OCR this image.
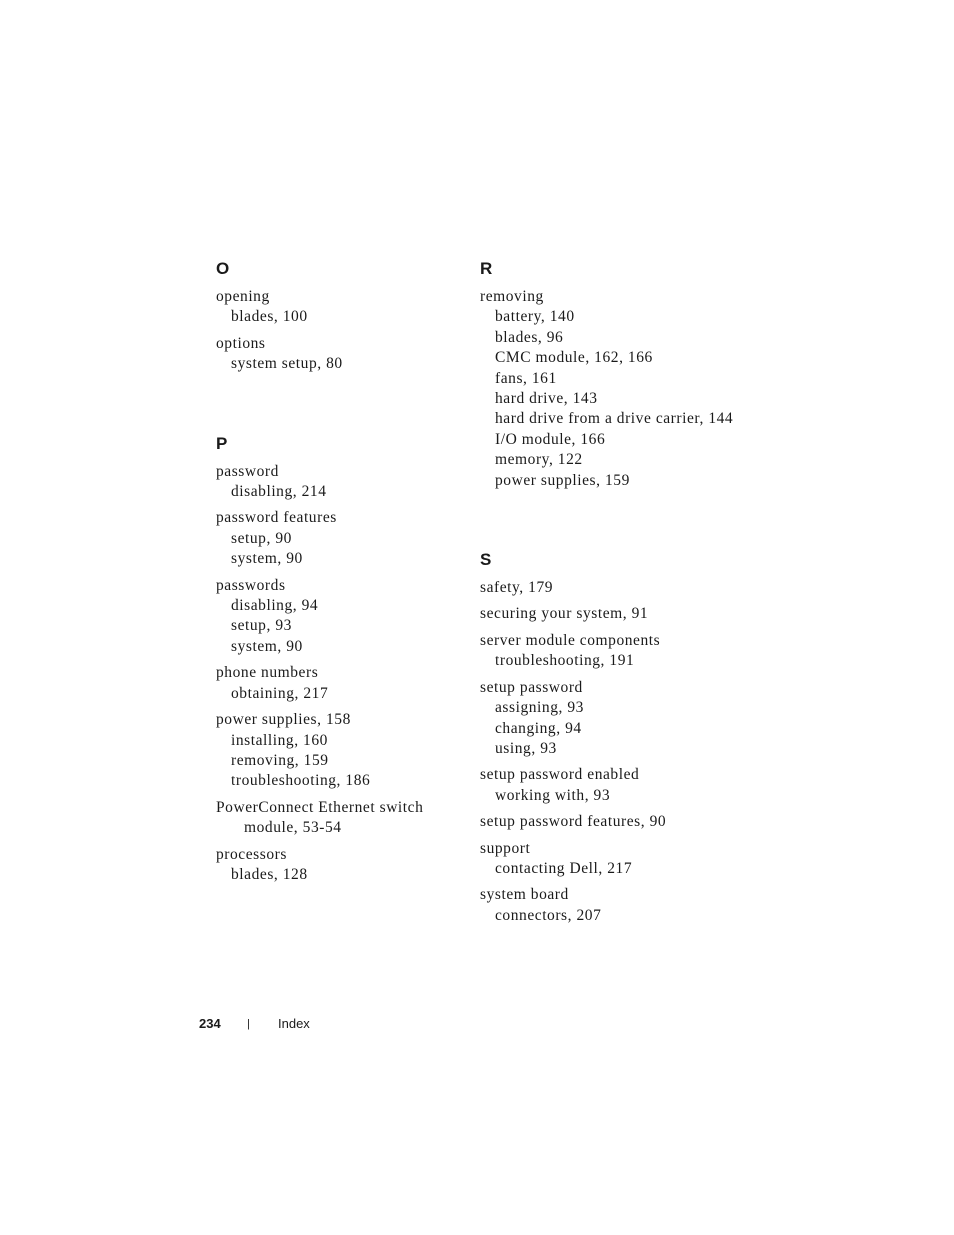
O
opening
blades, 100
options
system setup, 80
P
password
disabling, 214
password features
setup, 90
system, 90
passwords
disabling, 94
setup, 93
system, 90
phone numbers
obtaining, 217
power supplies, 158
installing, 160
removing, 159
troubleshooting, 186
PowerConnect Ethernet switch module, 53-54
processors
blades, 128
R
removing
battery, 140
blades, 96
CMC module, 162, 166
fans, 161
hard drive, 143
hard drive from a drive carrier, 144
I/O module, 166
memory, 122
power supplies, 159
S
safety, 179
securing your system, 91
server module components
troubleshooting, 191
setup password
assigning, 93
changing, 94
using, 93
setup password enabled
working with, 93
setup password features, 90
support
contacting Dell, 217
system board
connectors, 207
234 | Index
